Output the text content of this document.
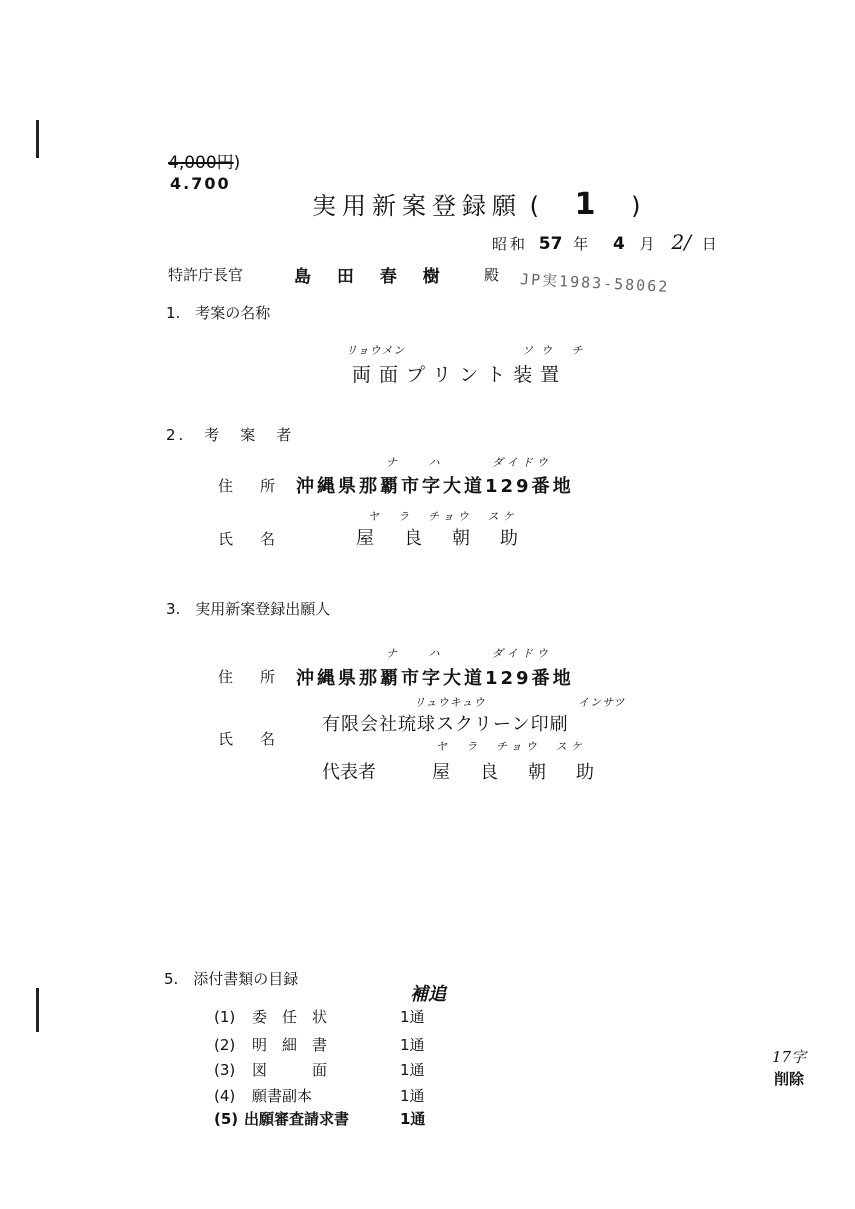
4,000円)
4.700
実用新案登録願 ( 1 )
昭和 57 年 4 月 2/ 日
特許庁長官	島 田 春 樹 殿 JP実1983-58062
1.　考案の名称
リョウメン	ソウ チ
両面プリント装置
2.　考　案　者
ナ ハ	ダイドウ
住　所 沖縄県那覇市字大道129番地
ヤ　ラ　チョウ　スケ
氏　名	屋　良　朝　助
3.　実用新案登録出願人
ナ ハ	ダイドウ
住　所 沖縄県那覇市字大道129番地
リュウキュウ	インサツ
有限会社琉球スクリーン印刷
氏　名	ヤ　ラ　チョウ　スケ
代表者	屋　良　朝　助
5.　添付書類の目録
補追
(1) 委　任　状	1通
(2) 明　細　書	1通
(3) 図　　　面	1通
(4) 願書副本	1通
(5) 出願審査請求書	1通
17字
削除
